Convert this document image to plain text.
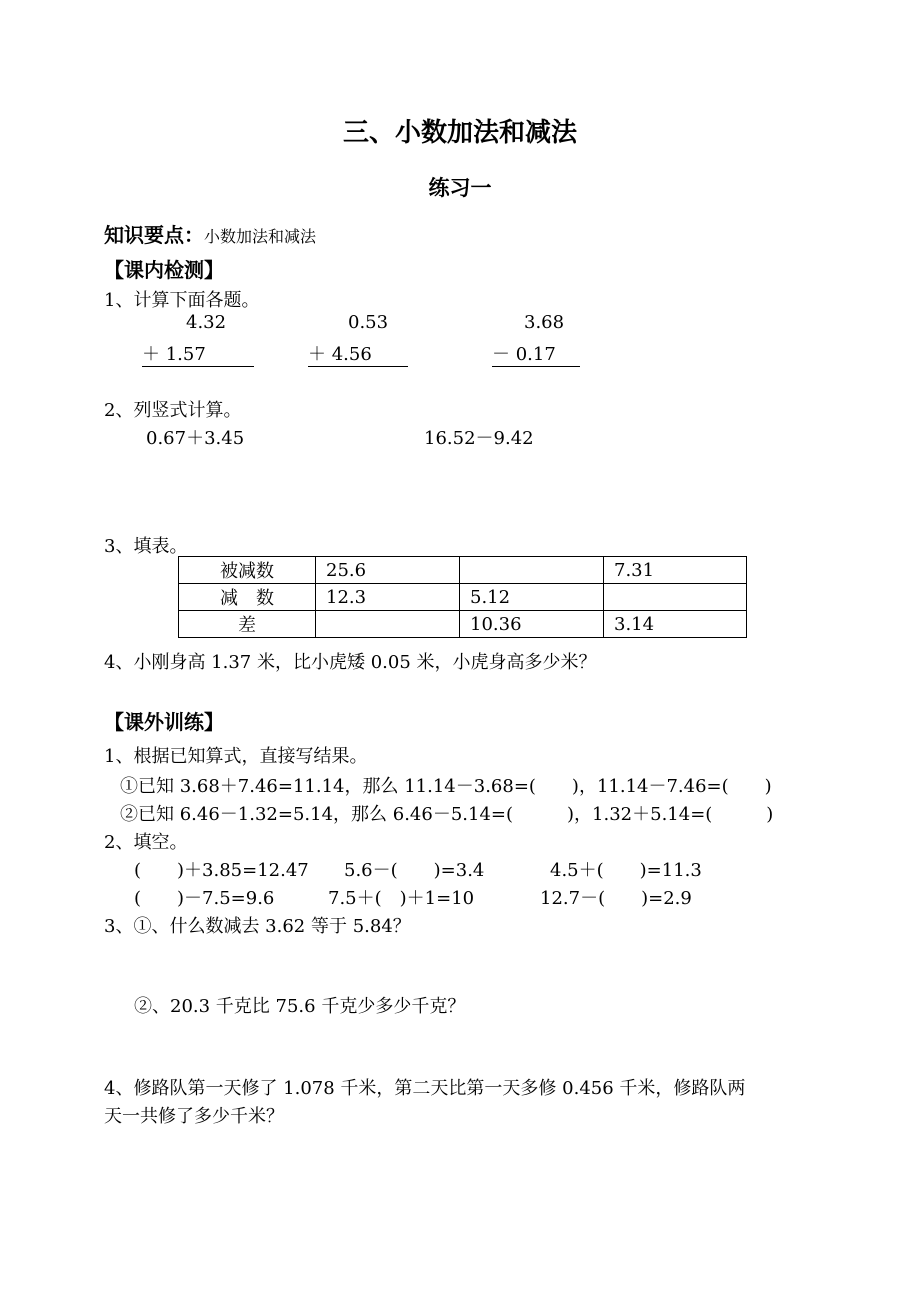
三、小数加法和减法
练习一
知识要点：小数加法和减法
【课内检测】
1、计算下面各题。
4.32
＋ 1.57
0.53
＋ 4.56
3.68
－ 0.17
2、列竖式计算。
0.67＋3.45	16.52－9.42
3、填表。
被减数	25.6		7.31
减　数	12.3	5.12	
差		10.36	3.14
4、小刚身高 1.37 米，比小虎矮 0.05 米，小虎身高多少米？
【课外训练】
1、根据已知算式，直接写结果。
①已知 3.68＋7.46=11.14，那么 11.14－3.68=(　　)，11.14－7.46=(　　)
②已知 6.46－1.32=5.14，那么 6.46－5.14=(　　　)，1.32＋5.14=(　　　)
2、填空。
(　　)＋3.85=12.47 5.6－(　　)=3.4	4.5＋(　　)=11.3
(　　)－7.5=9.6	7.5＋(　)＋1=10	12.7－(　　)=2.9
3、①、什么数减去 3.62 等于 5.84？
②、20.3 千克比 75.6 千克少多少千克？
4、修路队第一天修了 1.078 千米，第二天比第一天多修 0.456 千米，修路队两
天一共修了多少千米？
